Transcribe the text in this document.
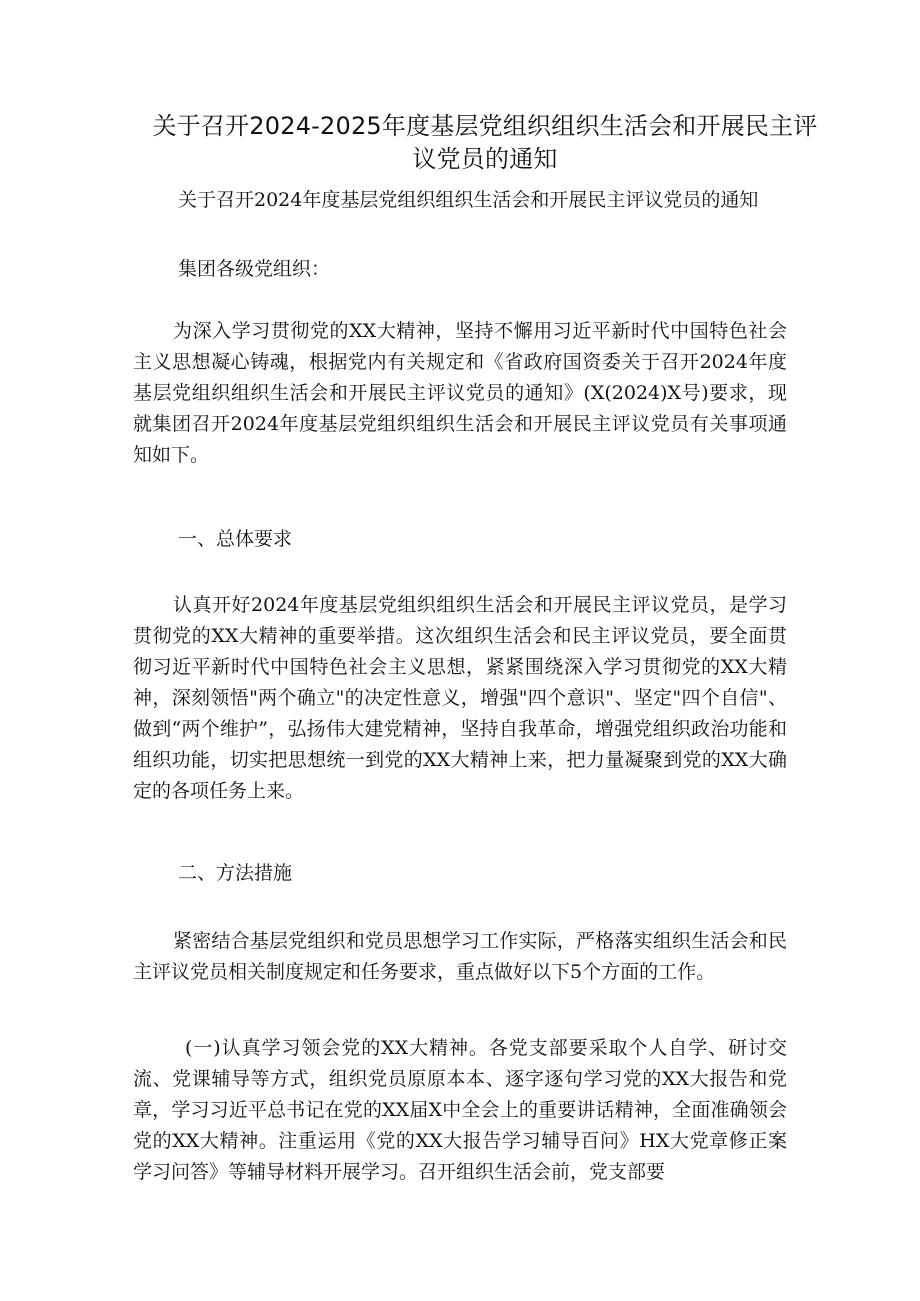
关于召开2024-2025年度基层党组织组织生活会和开展民主评议党员的通知
关于召开2024年度基层党组织组织生活会和开展民主评议党员的通知
集团各级党组织：

为深入学习贯彻党的XX大精神，坚持不懈用习近平新时代中国特色社会主义思想凝心铸魂，根据党内有关规定和《省政府国资委关于召开2024年度基层党组织组织生活会和开展民主评议党员的通知》(X(2024)X号)要求，现就集团召开2024年度基层党组织组织生活会和开展民主评议党员有关事项通知如下。

一、总体要求

认真开好2024年度基层党组织组织生活会和开展民主评议党员，是学习贯彻党的XX大精神的重要举措。这次组织生活会和民主评议党员，要全面贯彻习近平新时代中国特色社会主义思想，紧紧围绕深入学习贯彻党的XX大精神，深刻领悟"两个确立"的决定性意义，增强"四个意识"、坚定"四个自信"、做到“两个维护”，弘扬伟大建党精神，坚持自我革命，增强党组织政治功能和组织功能，切实把思想统一到党的XX大精神上来，把力量凝聚到党的XX大确定的各项任务上来。

二、方法措施

紧密结合基层党组织和党员思想学习工作实际，严格落实组织生活会和民主评议党员相关制度规定和任务要求，重点做好以下5个方面的工作。

(一)认真学习领会党的XX大精神。各党支部要采取个人自学、研讨交流、党课辅导等方式，组织党员原原本本、逐字逐句学习党的XX大报告和党章，学习习近平总书记在党的XX届X中全会上的重要讲话精神，全面准确领会党的XX大精神。注重运用《党的XX大报告学习辅导百问》HX大党章修正案学习问答》等辅导材料开展学习。召开组织生活会前，党支部要
